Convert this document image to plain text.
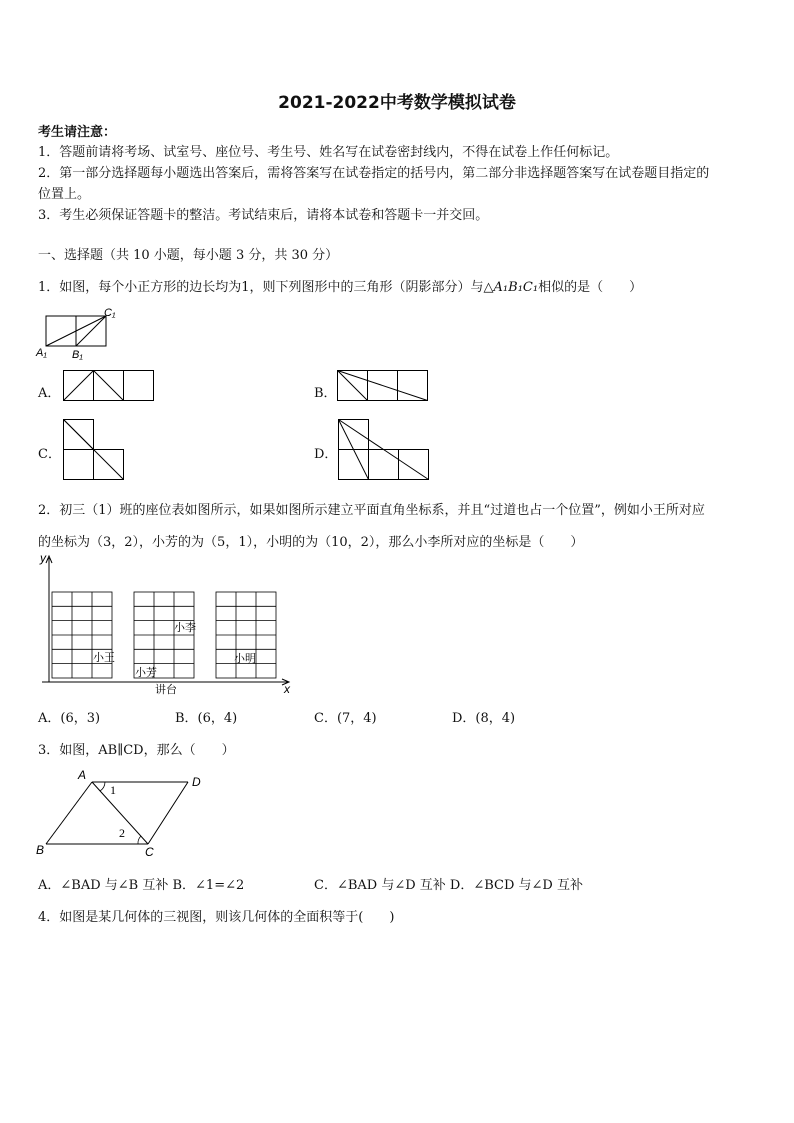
2021-2022中考数学模拟试卷
考生请注意：
1．答题前请将考场、试室号、座位号、考生号、姓名写在试卷密封线内，不得在试卷上作任何标记。
2．第一部分选择题每小题选出答案后，需将答案写在试卷指定的括号内，第二部分非选择题答案写在试卷题目指定的
位置上。
3．考生必须保证答题卡的整洁。考试结束后，请将本试卷和答题卡一并交回。
一、选择题（共 10 小题，每小题 3 分，共 30 分）
1．如图，每个小正方形的边长均为1，则下列图形中的三角形（阴影部分）与△A₁B₁C₁相似的是（　　）
C₁
A₁ B₁
A．	B．
C．	D．
2．初三（1）班的座位表如图所示，如果如图所示建立平面直角坐标系，并且“过道也占一个位置”，例如小王所对应
的坐标为（3，2），小芳的为（5，1），小明的为（10，2），那么小李所对应的坐标是（　　）
y
x
小王
小芳
小李
小明
讲台
A．(6，3)	B．(6，4)	C．(7，4)	D．(8，4)
3．如图，AB∥CD，那么（　　）
A	D
B	C
1
2
A．∠BAD 与∠B 互补 B．∠1=∠2	C．∠BAD 与∠D 互补 D．∠BCD 与∠D 互补
4．如图是某几何体的三视图，则该几何体的全面积等于(　　)
